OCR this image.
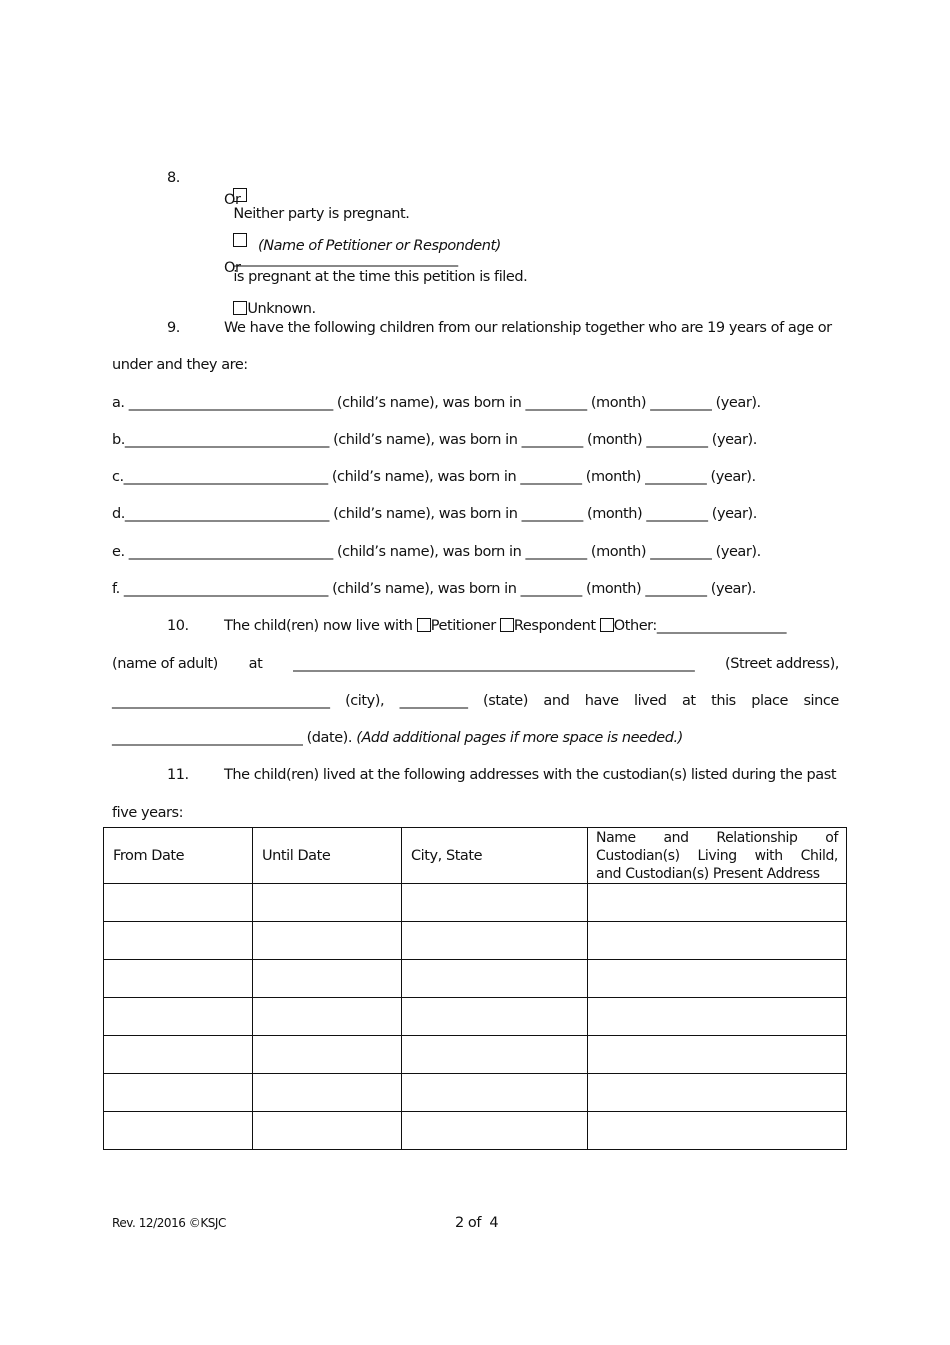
8.

Neither party is pregnant.

Or

_________________________________
is pregnant at the time this petition is filed.

(Name of Petitioner or Respondent)
Or

Unknown.

9.	We have the following children from our relationship together who are 19 years of age or
under and they are:
a. ______________________________ (child’s name), was born in _________ (month) _________ (year).
b.______________________________ (child’s name), was born in _________ (month) _________ (year).
c.______________________________ (child’s name), was born in _________ (month) _________ (year).
d.______________________________ (child’s name), was born in _________ (month) _________ (year).
e. ______________________________ (child’s name), was born in _________ (month) _________ (year).
f. ______________________________ (child’s name), was born in _________ (month) _________ (year).
10. The child(ren) now live with Petitioner Respondent Other:___________________
(name of adult) at ___________________________________________________________ (Street address),
________________________________ (city), __________ (state) and have lived at this place since
____________________________ (date). (Add additional pages if more space is needed.)
11. The child(ren) lived at the following addresses with the custodian(s) listed during the past
five years:
From Date	Until Date	City, State	Name and Relationship of
Custodian(s) Living with Child,
and Custodian(s) Present Address

Rev. 12/2016 ©KSJC	2 of  4
